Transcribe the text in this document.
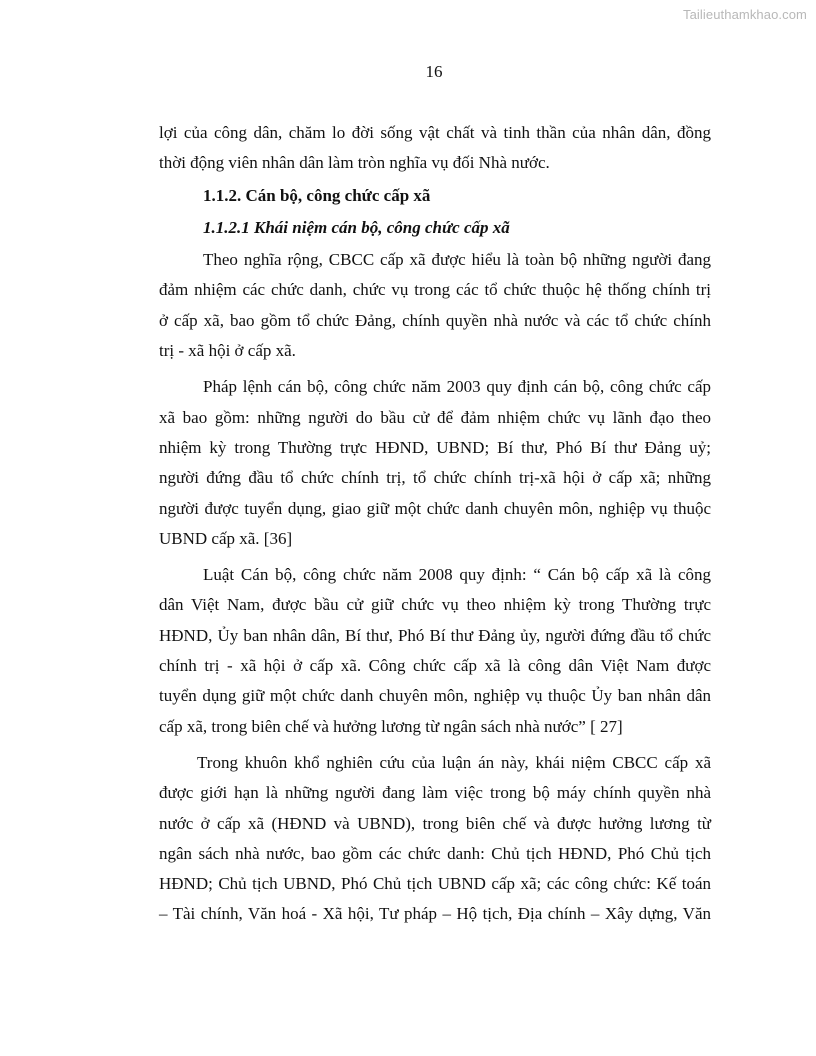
Tailieuthamkhao.com
16
lợi của công dân, chăm lo đời sống vật chất và tinh thần của nhân dân, đồng
thời động viên nhân dân làm tròn nghĩa vụ đối Nhà nước.
1.1.2. Cán bộ, công chức cấp xã
1.1.2.1 Khái niệm cán bộ, công chức cấp xã
Theo nghĩa rộng, CBCC cấp xã được hiểu là toàn bộ những người đang
đảm nhiệm các chức danh, chức vụ trong các tổ chức thuộc hệ thống chính trị
ở cấp xã, bao gồm tổ chức Đảng, chính quyền nhà nước và các tổ chức chính
trị - xã hội ở cấp xã.
Pháp lệnh cán bộ, công chức năm 2003 quy định cán bộ, công chức cấp
xã bao gồm: những người do bầu cử để đảm nhiệm chức vụ lãnh đạo theo
nhiệm kỳ trong Thường trực HĐND, UBND; Bí thư, Phó Bí thư Đảng uỷ;
người đứng đầu tổ chức chính trị, tổ chức chính trị-xã hội ở cấp xã; những
người được tuyển dụng, giao giữ một chức danh chuyên môn, nghiệp vụ thuộc
UBND cấp xã. [36]
Luật Cán bộ, công chức năm 2008 quy định: “ Cán bộ cấp xã là công
dân Việt Nam, được bầu cử giữ chức vụ theo nhiệm kỳ trong Thường trực
HĐND, Ủy ban nhân dân, Bí thư, Phó Bí thư Đảng ủy, người đứng đầu tổ chức
chính trị - xã hội ở cấp xã. Công chức cấp xã là công dân Việt Nam được
tuyển dụng giữ một chức danh chuyên môn, nghiệp vụ thuộc Ủy ban nhân dân
cấp xã, trong biên chế và hưởng lương từ ngân sách nhà nước” [ 27]
Trong khuôn khổ nghiên cứu của luận án này, khái niệm CBCC cấp xã
được giới hạn là những người đang làm việc trong bộ máy chính quyền nhà
nước ở cấp xã (HĐND và UBND), trong biên chế và được hưởng lương từ
ngân sách nhà nước, bao gồm các chức danh: Chủ tịch HĐND, Phó Chủ tịch
HĐND; Chủ tịch UBND, Phó Chủ tịch UBND cấp xã; các công chức: Kế toán
– Tài chính, Văn hoá - Xã hội, Tư pháp – Hộ tịch, Địa chính – Xây dựng, Văn
